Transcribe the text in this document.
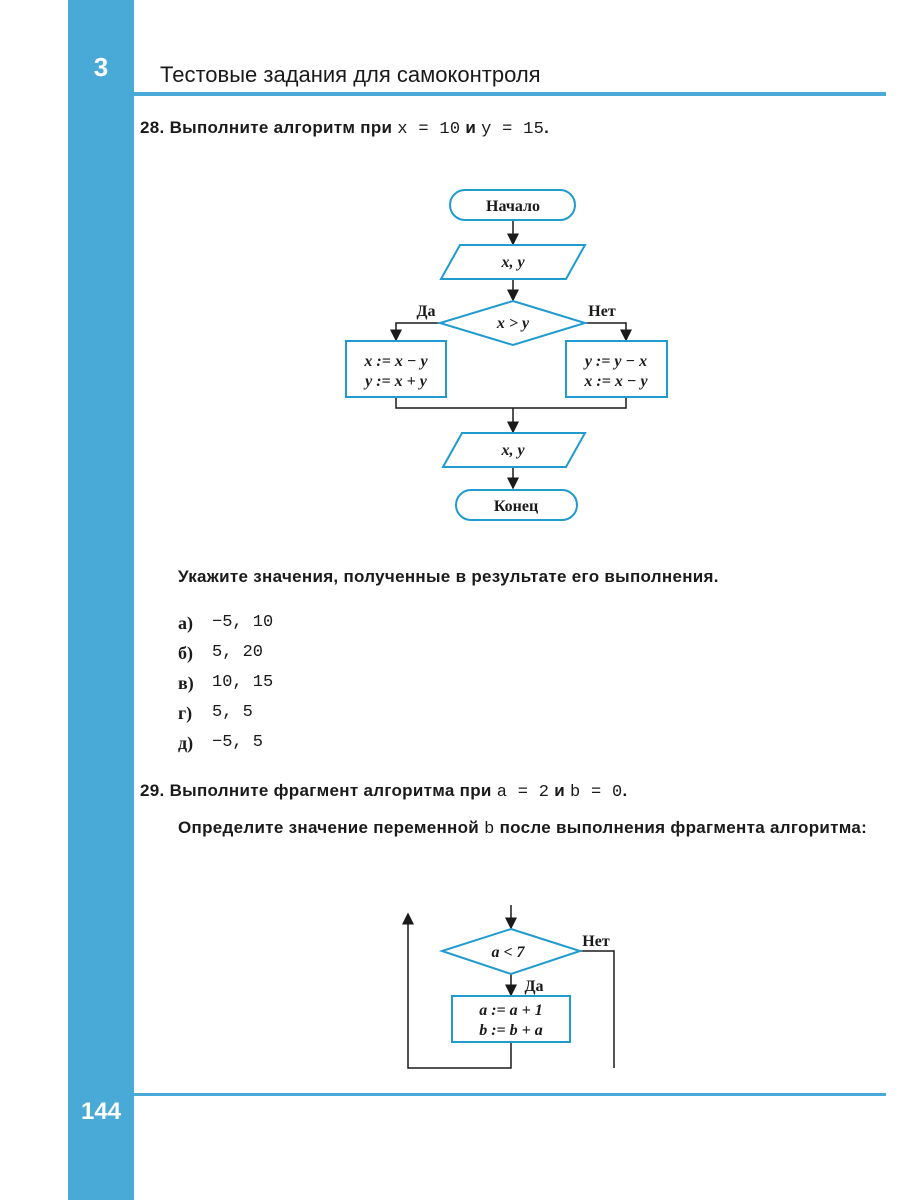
3	Тестовые задания для самоконтроля
28. Выполните алгоритм при x = 10 и y = 15.
Начало
x, y
x > y
Да	Нет
x := x − y
y := x + y
y := y − x
x := x − y
x, y
Конец
a < 7
Нет
Да
a := a + 1
b := b + a
Укажите значения, полученные в результате его выполнения.
а)	−5, 10
б)	5, 20
в)	10, 15
г)	5, 5
д)	−5, 5
29. Выполните фрагмент алгоритма при a = 2 и b = 0.
Определите значение переменной b после выполнения фрагмента алгоритма:
144
